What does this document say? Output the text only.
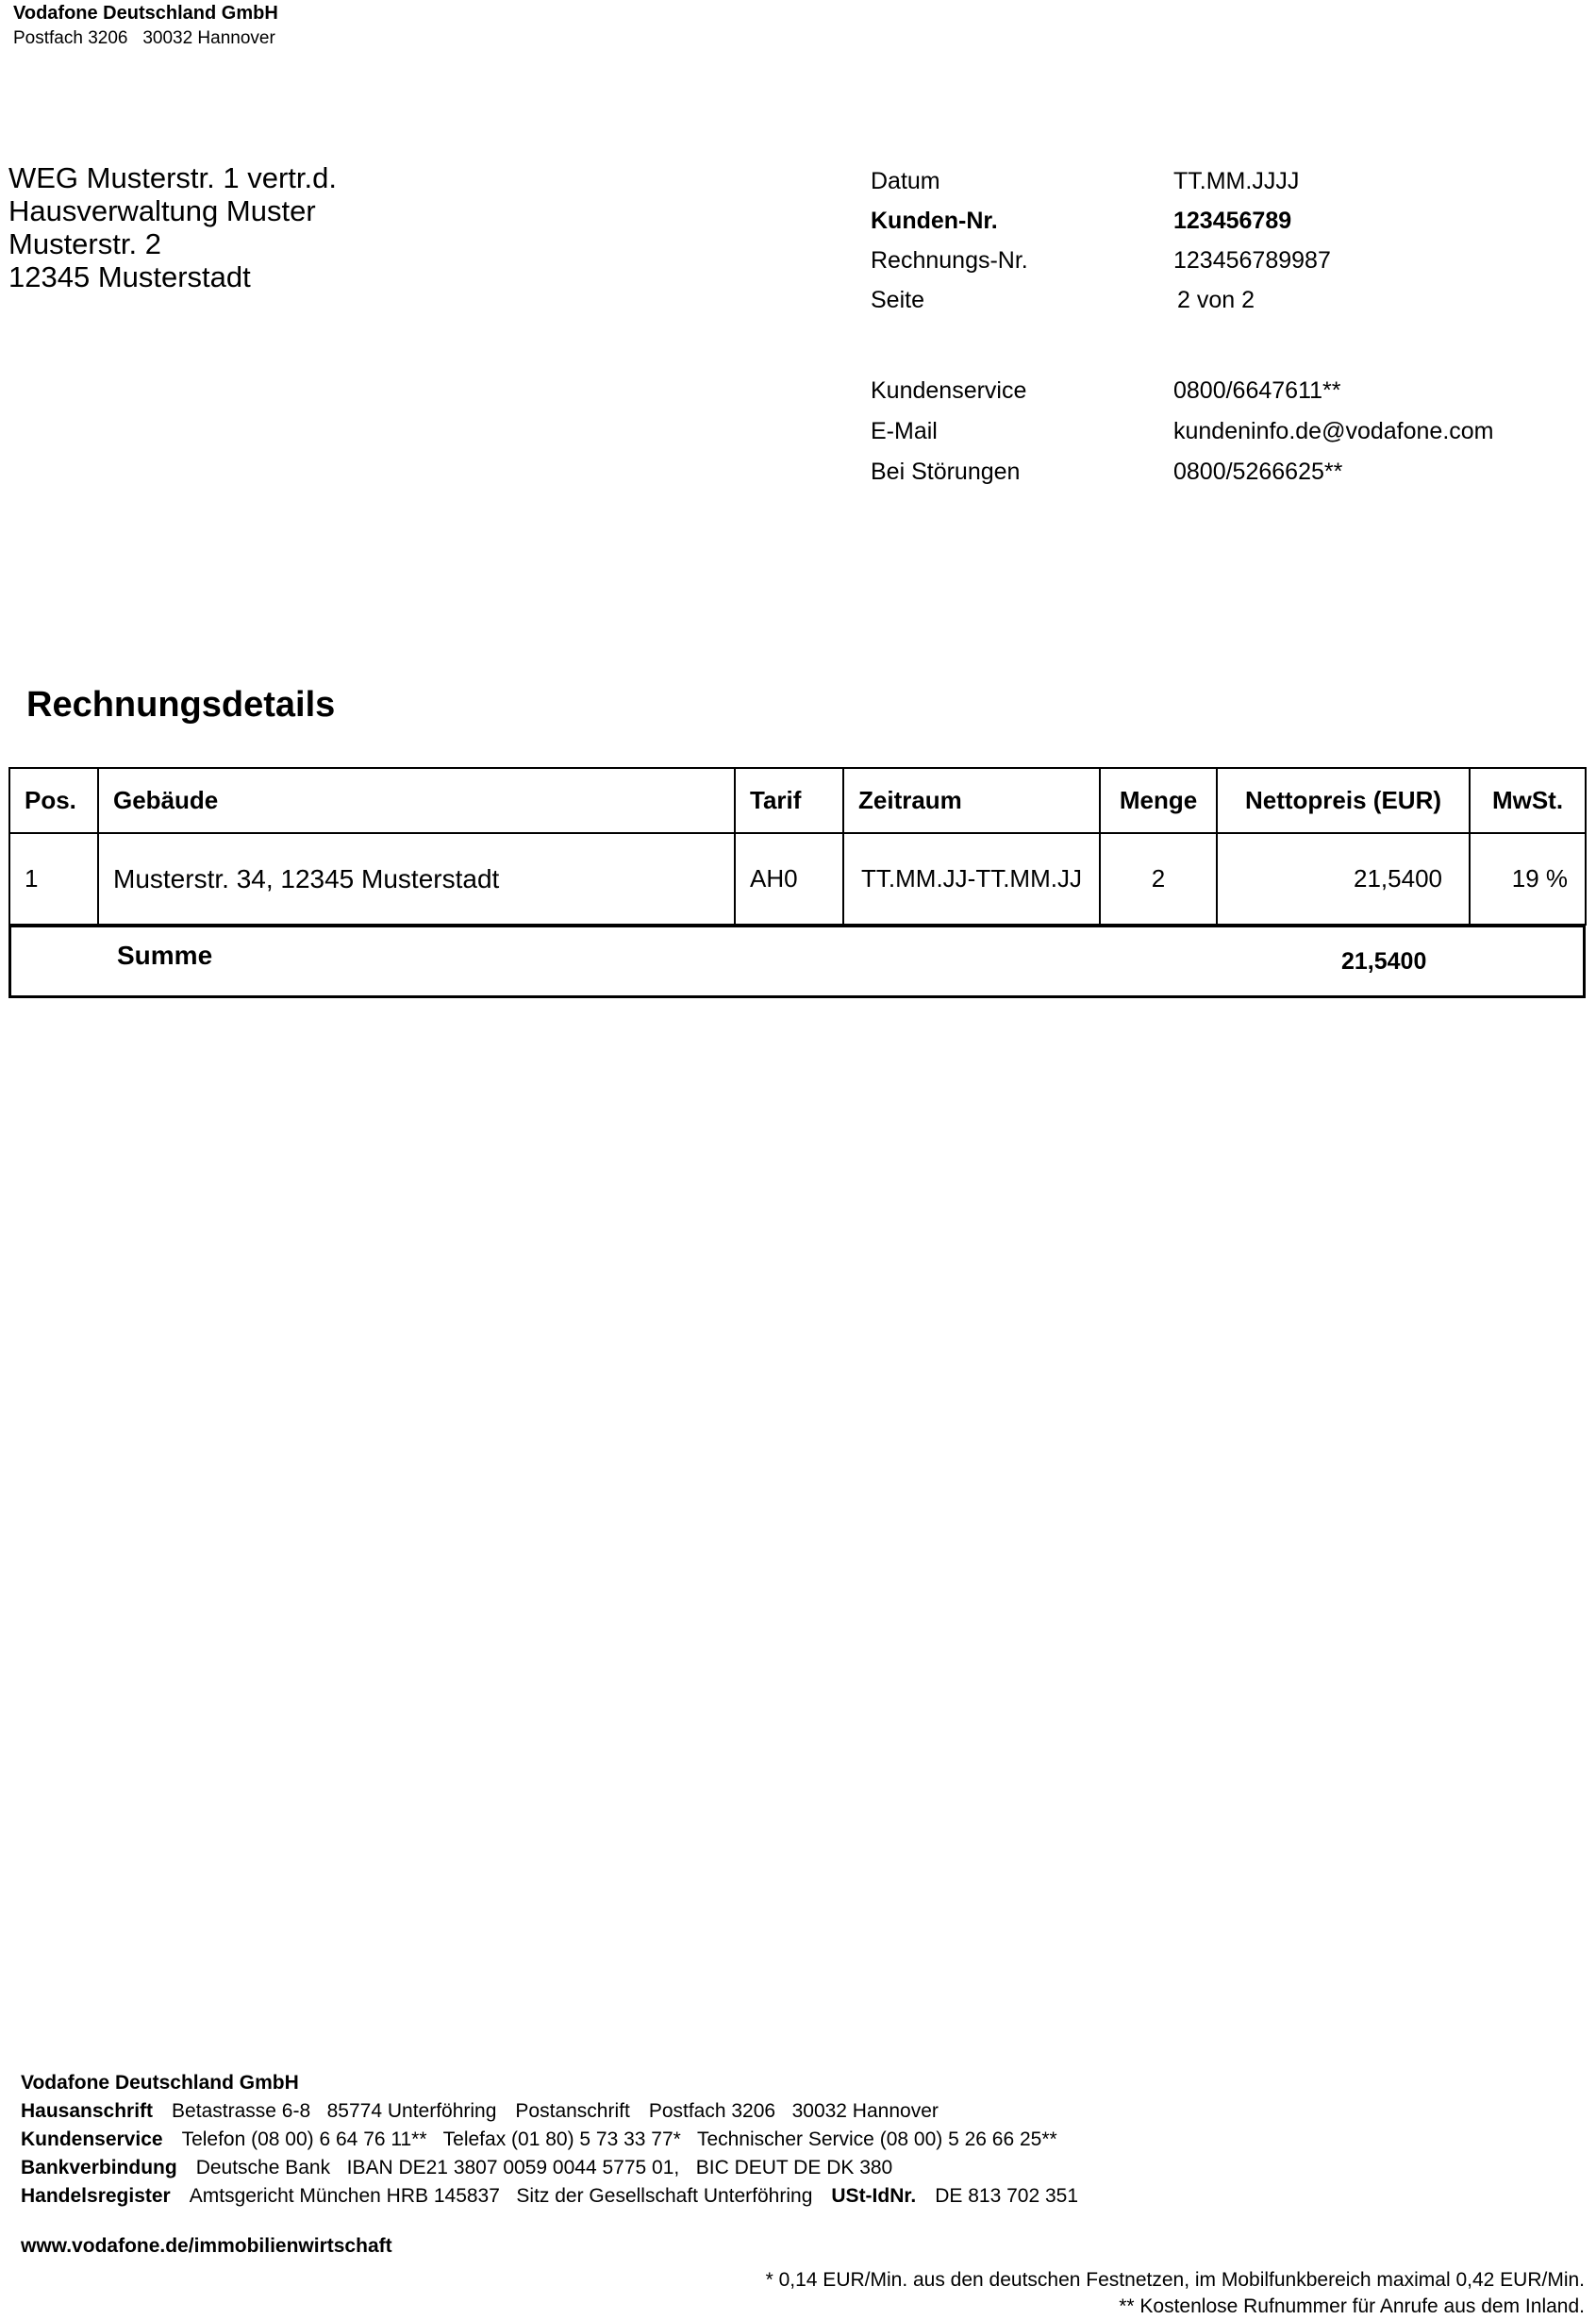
Vodafone Deutschland GmbH
Postfach 3206   30032 Hannover
WEG Musterstr. 1 vertr.d.
Hausverwaltung Muster
Musterstr. 2
12345 Musterstadt
Datum	TT.MM.JJJJ
Kunden-Nr.	123456789
Rechnungs-Nr.	123456789987
Seite	2 von 2
Kundenservice	0800/6647611**
E-Mail	kundeninfo.de@vodafone.com
Bei Störungen	0800/5266625**
Rechnungsdetails
Pos.	Gebäude	Tarif	Zeitraum	Menge	Nettopreis (EUR)	MwSt.
1	Musterstr. 34, 12345 Musterstadt	AH0	TT.MM.JJ-TT.MM.JJ	2	21,5400	19 %
Summe	21,5400
Vodafone Deutschland GmbH
Hausanschrift Betastrasse 6-8   85774 Unterföhring Postanschrift Postfach 3206   30032 Hannover
Kundenservice Telefon (08 00) 6 64 76 11**   Telefax (01 80) 5 73 33 77*   Technischer Service (08 00) 5 26 66 25**
Bankverbindung Deutsche Bank   IBAN DE21 3807 0059 0044 5775 01,   BIC DEUT DE DK 380
Handelsregister Amtsgericht München HRB 145837   Sitz der Gesellschaft Unterföhring USt-IdNr. DE 813 702 351
www.vodafone.de/immobilienwirtschaft
* 0,14 EUR/Min. aus den deutschen Festnetzen, im Mobilfunkbereich maximal 0,42 EUR/Min.
** Kostenlose Rufnummer für Anrufe aus dem Inland.
